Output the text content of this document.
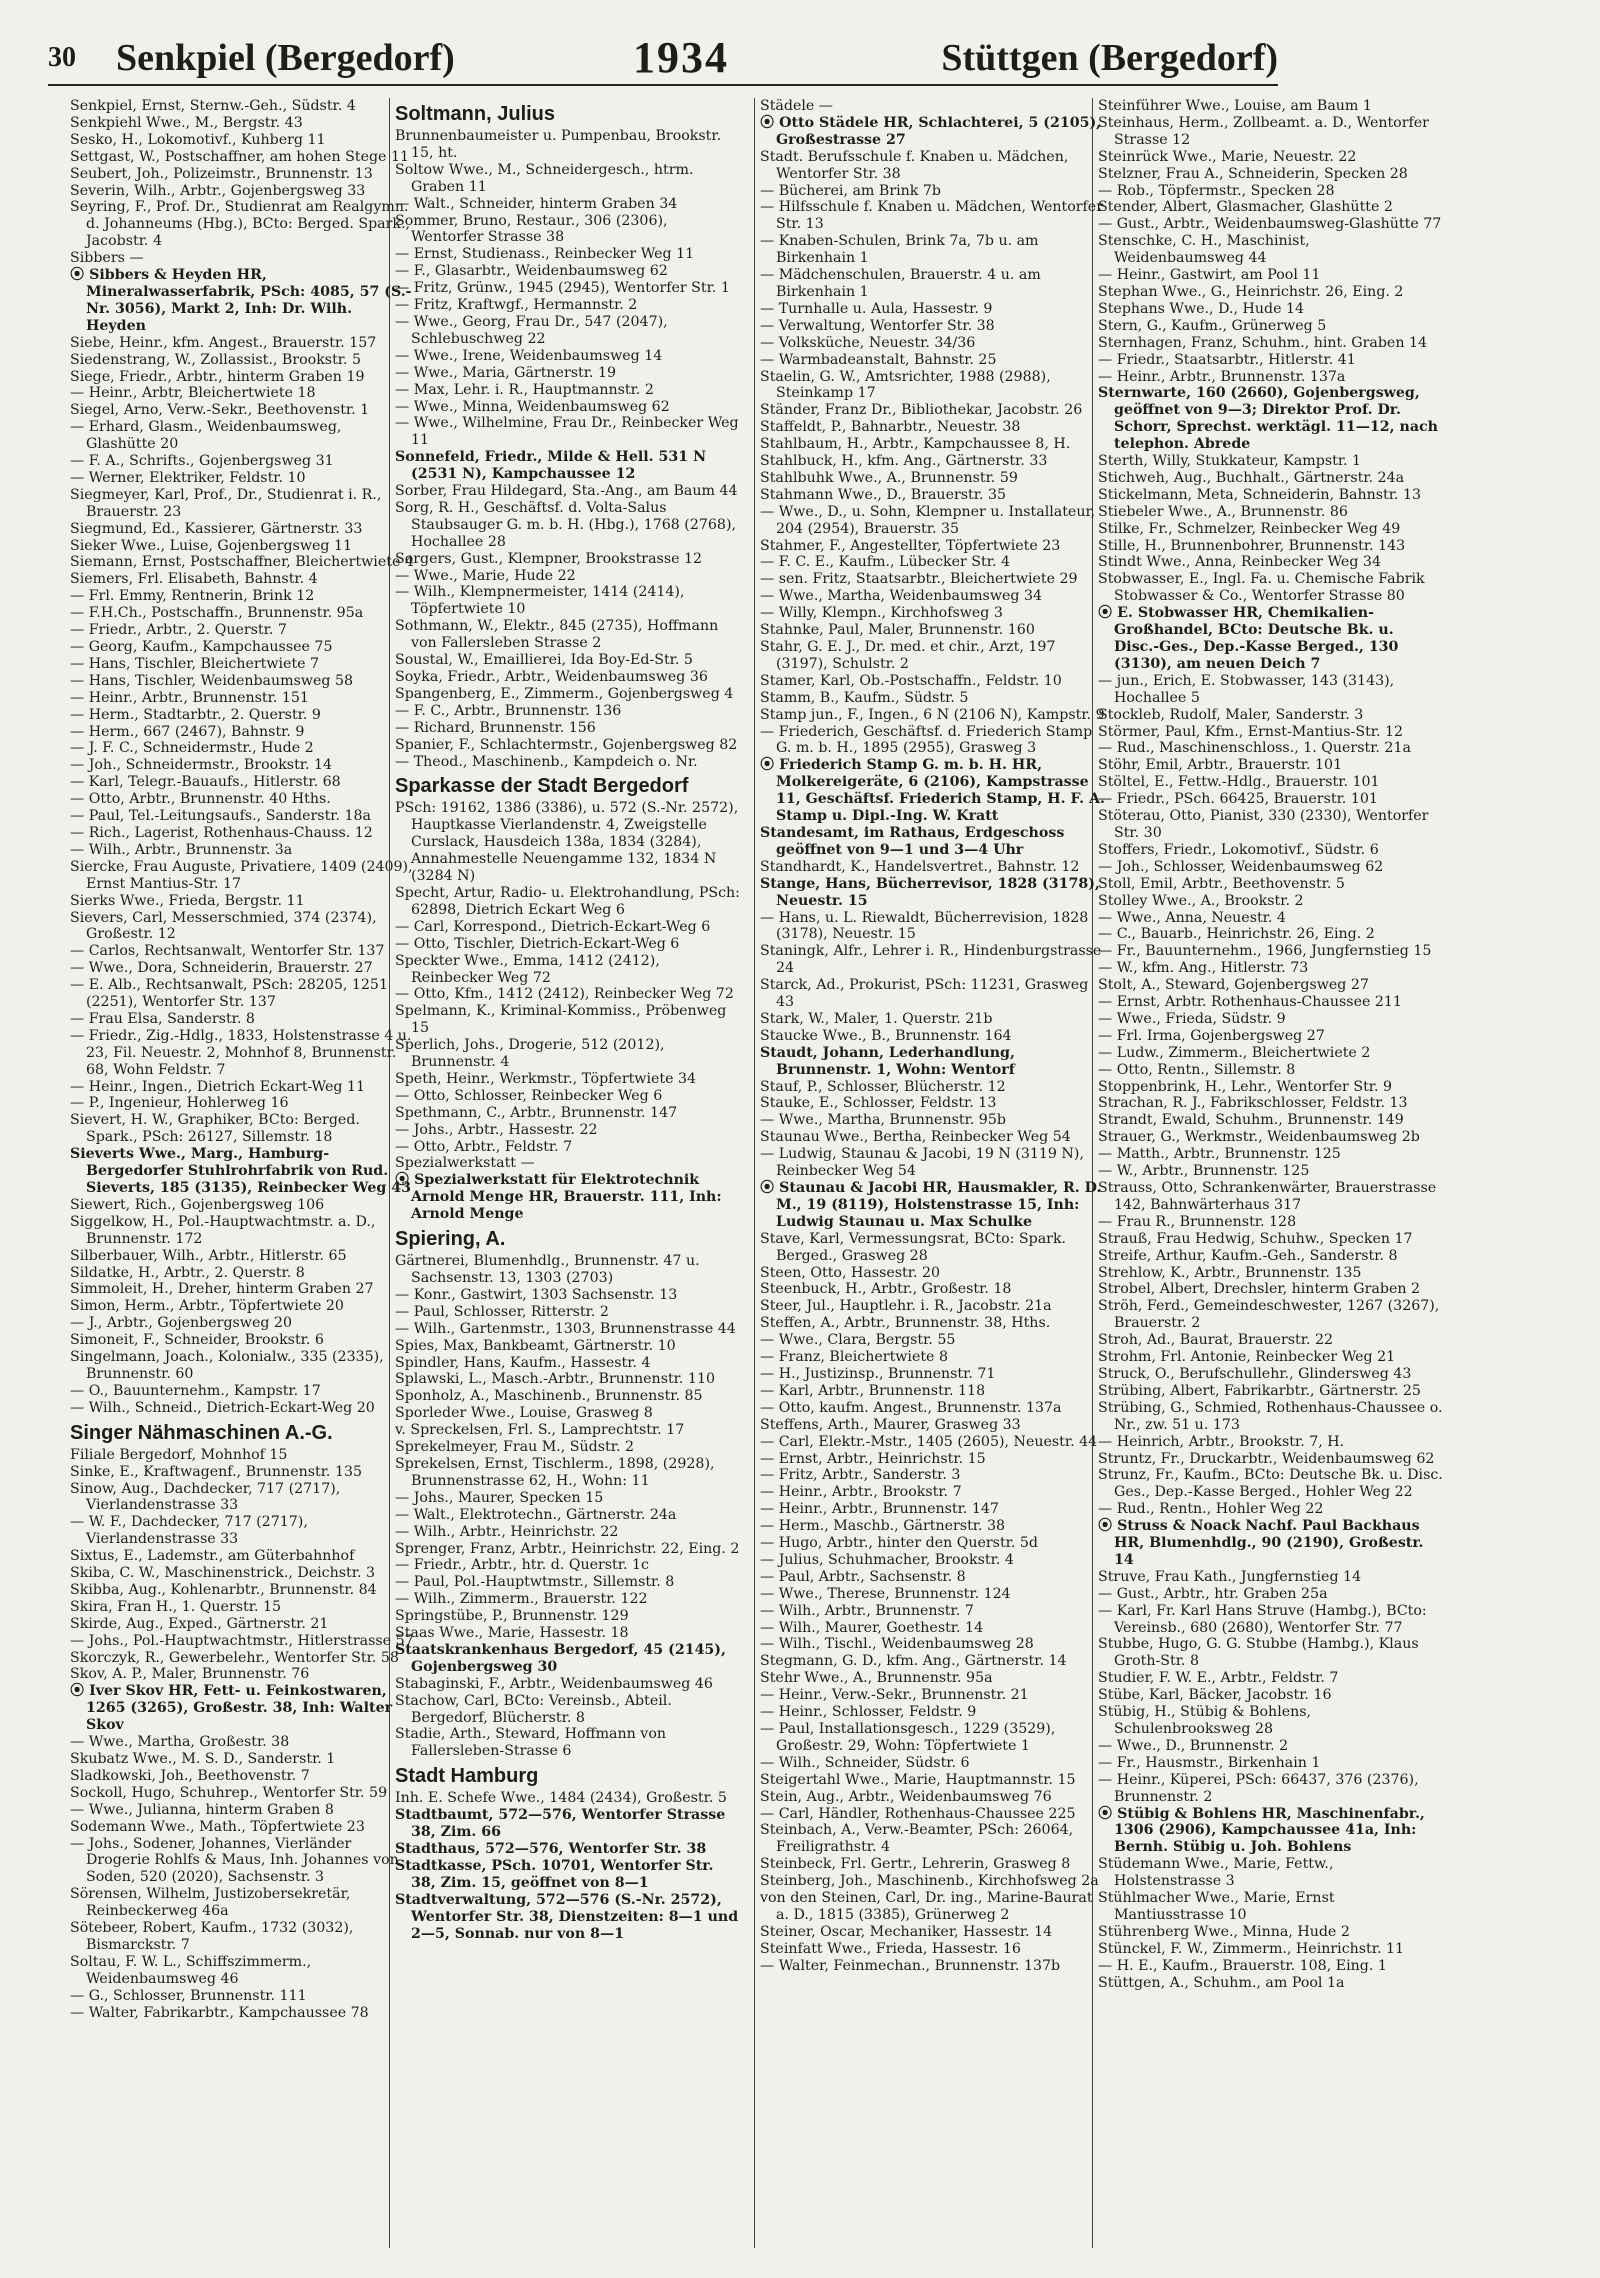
30 Senkpiel (Bergedorf)	1934	Stüttgen (Bergedorf)

Senkpiel, Ernst, Sternw.-Geh., Südstr. 4

Senkpiehl Wwe., M., Bergstr. 43

Sesko, H., Lokomotivf., Kuhberg 11

Settgast, W., Postschaffner, am hohen Stege 11

Seubert, Joh., Polizeimstr., Brunnenstr. 13

Severin, Wilh., Arbtr., Gojenbergsweg 33

Seyring, F., Prof. Dr., Studienrat am Realgymn. d. Johanneums (Hbg.), BCto: Berged. Spark., Jacobstr. 4

Sibbers —

⦿ Sibbers & Heyden HR, Mineralwasserfabrik, PSch: 4085, 57 (S.-Nr. 3056), Markt 2, Inh: Dr. Wilh. Heyden

Siebe, Heinr., kfm. Angest., Brauerstr. 157

Siedenstrang, W., Zollassist., Brookstr. 5

Siege, Friedr., Arbtr., hinterm Graben 19

— Heinr., Arbtr, Bleichertwiete 18

Siegel, Arno, Verw.-Sekr., Beethovenstr. 1

— Erhard, Glasm., Weidenbaumsweg, Glashütte 20

— F. A., Schrifts., Gojenbergsweg 31

— Werner, Elektriker, Feldstr. 10

Siegmeyer, Karl, Prof., Dr., Studienrat i. R., Brauerstr. 23

Siegmund, Ed., Kassierer, Gärtnerstr. 33

Sieker Wwe., Luise, Gojenbergsweg 11

Siemann, Ernst, Postschaffner, Bleichertwiete 4

Siemers, Frl. Elisabeth, Bahnstr. 4

— Frl. Emmy, Rentnerin, Brink 12

— F.H.Ch., Postschaffn., Brunnenstr. 95a

— Friedr., Arbtr., 2. Querstr. 7

— Georg, Kaufm., Kampchaussee 75

— Hans, Tischler, Bleichertwiete 7

— Hans, Tischler, Weidenbaumsweg 58

— Heinr., Arbtr., Brunnenstr. 151

— Herm., Stadtarbtr., 2. Querstr. 9

— Herm., 667 (2467), Bahnstr. 9

— J. F. C., Schneidermstr., Hude 2

— Joh., Schneidermstr., Brookstr. 14

— Karl, Telegr.-Bauaufs., Hitlerstr. 68

— Otto, Arbtr., Brunnenstr. 40 Hths.

— Paul, Tel.-Leitungsaufs., Sanderstr. 18a

— Rich., Lagerist, Rothenhaus-Chauss. 12

— Wilh., Arbtr., Brunnenstr. 3a

Siercke, Frau Auguste, Privatiere, 1409 (2409), Ernst Mantius-Str. 17

Sierks Wwe., Frieda, Bergstr. 11

Sievers, Carl, Messerschmied, 374 (2374), Großestr. 12

— Carlos, Rechtsanwalt, Wentorfer Str. 137

— Wwe., Dora, Schneiderin, Brauerstr. 27

— E. Alb., Rechtsanwalt, PSch: 28205, 1251 (2251), Wentorfer Str. 137

— Frau Elsa, Sanderstr. 8

— Friedr., Zig.-Hdlg., 1833, Holstenstrasse 4 u. 23, Fil. Neuestr. 2, Mohnhof 8, Brunnenstr. 68, Wohn Feldstr. 7

— Heinr., Ingen., Dietrich Eckart-Weg 11

— P., Ingenieur, Hohlerweg 16

Sievert, H. W., Graphiker, BCto: Berged. Spark., PSch: 26127, Sillemstr. 18

Sieverts Wwe., Marg., Hamburg-Bergedorfer Stuhlrohrfabrik von Rud. Sieverts, 185 (3135), Reinbecker Weg 43

Siewert, Rich., Gojenbergsweg 106

Siggelkow, H., Pol.-Hauptwachtmstr. a. D., Brunnenstr. 172

Silberbauer, Wilh., Arbtr., Hitlerstr. 65

Sildatke, H., Arbtr., 2. Querstr. 8

Simmoleit, H., Dreher, hinterm Graben 27

Simon, Herm., Arbtr., Töpfertwiete 20

— J., Arbtr., Gojenbergsweg 20

Simoneit, F., Schneider, Brookstr. 6

Singelmann, Joach., Kolonialw., 335 (2335), Brunnenstr. 60

— O., Bauunternehm., Kampstr. 17

— Wilh., Schneid., Dietrich-Eckart-Weg 20

Singer Nähmaschinen A.-G.

Filiale Bergedorf, Mohnhof 15

Sinke, E., Kraftwagenf., Brunnenstr. 135

Sinow, Aug., Dachdecker, 717 (2717), Vierlandenstrasse 33

— W. F., Dachdecker, 717 (2717), Vierlandenstrasse 33

Sixtus, E., Lademstr., am Güterbahnhof

Skiba, C. W., Maschinenstrick., Deichstr. 3

Skibba, Aug., Kohlenarbtr., Brunnenstr. 84

Skira, Fran H., 1. Querstr. 15

Skirde, Aug., Exped., Gärtnerstr. 21

— Johs., Pol.-Hauptwachtmstr., Hitlerstrasse 57

Skorczyk, R., Gewerbelehr., Wentorfer Str. 58

Skov, A. P., Maler, Brunnenstr. 76

⦿ Iver Skov HR, Fett- u. Feinkostwaren, 1265 (3265), Großestr. 38, Inh: Walter Skov

— Wwe., Martha, Großestr. 38

Skubatz Wwe., M. S. D., Sanderstr. 1

Sladkowski, Joh., Beethovenstr. 7

Sockoll, Hugo, Schuhrep., Wentorfer Str. 59

— Wwe., Julianna, hinterm Graben 8

Sodemann Wwe., Math., Töpfertwiete 23

— Johs., Sodener, Johannes, Vierländer Drogerie Rohlfs & Maus, Inh. Johannes von Soden, 520 (2020), Sachsenstr. 3

Sörensen, Wilhelm, Justizobersekretär, Reinbeckerweg 46a

Sötebeer, Robert, Kaufm., 1732 (3032), Bismarckstr. 7

Soltau, F. W. L., Schiffszimmerm., Weidenbaumsweg 46

— G., Schlosser, Brunnenstr. 111

— Walter, Fabrikarbtr., Kampchaussee 78

Soltmann, Julius

Brunnenbaumeister u. Pumpenbau, Brookstr. 15, ht.

Soltow Wwe., M., Schneidergesch., htrm. Graben 11

— Walt., Schneider, hinterm Graben 34

Sommer, Bruno, Restaur., 306 (2306), Wentorfer Strasse 38

— Ernst, Studienass., Reinbecker Weg 11

— F., Glasarbtr., Weidenbaumsweg 62

— Fritz, Grünw., 1945 (2945), Wentorfer Str. 1

— Fritz, Kraftwgf., Hermannstr. 2

— Wwe., Georg, Frau Dr., 547 (2047), Schlebuschweg 22

— Wwe., Irene, Weidenbaumsweg 14

— Wwe., Maria, Gärtnerstr. 19

— Max, Lehr. i. R., Hauptmannstr. 2

— Wwe., Minna, Weidenbaumsweg 62

— Wwe., Wilhelmine, Frau Dr., Reinbecker Weg 11

Sonnefeld, Friedr., Milde & Hell. 531 N (2531 N), Kampchaussee 12

Sorber, Frau Hildegard, Sta.-Ang., am Baum 44

Sorg, R. H., Geschäftsf. d. Volta-Salus Staubsauger G. m. b. H. (Hbg.), 1768 (2768), Hochallee 28

Sorgers, Gust., Klempner, Brookstrasse 12

— Wwe., Marie, Hude 22

— Wilh., Klempnermeister, 1414 (2414), Töpfertwiete 10

Sothmann, W., Elektr., 845 (2735), Hoffmann von Fallersleben Strasse 2

Soustal, W., Emaillierei, Ida Boy-Ed-Str. 5

Soyka, Friedr., Arbtr., Weidenbaumsweg 36

Spangenberg, E., Zimmerm., Gojenbergsweg 4

— F. C., Arbtr., Brunnenstr. 136

— Richard, Brunnenstr. 156

Spanier, F., Schlachtermstr., Gojenbergsweg 82

— Theod., Maschinenb., Kampdeich o. Nr.

Sparkasse der Stadt Bergedorf

PSch: 19162, 1386 (3386), u. 572 (S.-Nr. 2572), Hauptkasse Vierlandenstr. 4, Zweigstelle Curslack, Hausdeich 138a, 1834 (3284), Annahmestelle Neuengamme 132, 1834 N (3284 N)

Specht, Artur, Radio- u. Elektrohandlung, PSch: 62898, Dietrich Eckart Weg 6

— Carl, Korrespond., Dietrich-Eckart-Weg 6

— Otto, Tischler, Dietrich-Eckart-Weg 6

Speckter Wwe., Emma, 1412 (2412), Reinbecker Weg 72

— Otto, Kfm., 1412 (2412), Reinbecker Weg 72

Spelmann, K., Kriminal-Kommiss., Pröbenweg 15

Sperlich, Johs., Drogerie, 512 (2012), Brunnenstr. 4

Speth, Heinr., Werkmstr., Töpfertwiete 34

— Otto, Schlosser, Reinbecker Weg 6

Spethmann, C., Arbtr., Brunnenstr. 147

— Johs., Arbtr., Hassestr. 22

— Otto, Arbtr., Feldstr. 7

Spezialwerkstatt —

⦿ Spezialwerkstatt für Elektrotechnik Arnold Menge HR, Brauerstr. 111, Inh: Arnold Menge

Spiering, A.

Gärtnerei, Blumenhdlg., Brunnenstr. 47 u. Sachsenstr. 13, 1303 (2703)

— Konr., Gastwirt, 1303 Sachsenstr. 13

— Paul, Schlosser, Ritterstr. 2

— Wilh., Gartenmstr., 1303, Brunnenstrasse 44

Spies, Max, Bankbeamt, Gärtnerstr. 10

Spindler, Hans, Kaufm., Hassestr. 4

Splawski, L., Masch.-Arbtr., Brunnenstr. 110

Sponholz, A., Maschinenb., Brunnenstr. 85

Sporleder Wwe., Louise, Grasweg 8

v. Spreckelsen, Frl. S., Lamprechtstr. 17

Sprekelmeyer, Frau M., Südstr. 2

Sprekelsen, Ernst, Tischlerm., 1898, (2928), Brunnenstrasse 62, H., Wohn: 11

— Johs., Maurer, Specken 15

— Walt., Elektrotechn., Gärtnerstr. 24a

— Wilh., Arbtr., Heinrichstr. 22

Sprenger, Franz, Arbtr., Heinrichstr. 22, Eing. 2

— Friedr., Arbtr., htr. d. Querstr. 1c

— Paul, Pol.-Hauptwtmstr., Sillemstr. 8

— Wilh., Zimmerm., Brauerstr. 122

Springstübe, P., Brunnenstr. 129

Staas Wwe., Marie, Hassestr. 18

Staatskrankenhaus Bergedorf, 45 (2145), Gojenbergsweg 30

Stabaginski, F., Arbtr., Weidenbaumsweg 46

Stachow, Carl, BCto: Vereinsb., Abteil. Bergedorf, Blücherstr. 8

Stadie, Arth., Steward, Hoffmann von Fallersleben-Strasse 6

Stadt Hamburg

Inh. E. Schefe Wwe., 1484 (2434), Großestr. 5

Stadtbaumt, 572—576, Wentorfer Strasse 38, Zim. 66

Stadthaus, 572—576, Wentorfer Str. 38

Stadtkasse, PSch. 10701, Wentorfer Str. 38, Zim. 15, geöffnet von 8—1

Stadtverwaltung, 572—576 (S.-Nr. 2572), Wentorfer Str. 38, Dienstzeiten: 8—1 und 2—5, Sonnab. nur von 8—1

Städele —

⦿ Otto Städele HR, Schlachterei, 5 (2105), Großestrasse 27

Stadt. Berufsschule f. Knaben u. Mädchen, Wentorfer Str. 38

— Bücherei, am Brink 7b

— Hilfsschule f. Knaben u. Mädchen, Wentorfer Str. 13

— Knaben-Schulen, Brink 7a, 7b u. am Birkenhain 1

— Mädchenschulen, Brauerstr. 4 u. am Birkenhain 1

— Turnhalle u. Aula, Hassestr. 9

— Verwaltung, Wentorfer Str. 38

— Volksküche, Neuestr. 34/36

— Warmbadeanstalt, Bahnstr. 25

Staelin, G. W., Amtsrichter, 1988 (2988), Steinkamp 17

Ständer, Franz Dr., Bibliothekar, Jacobstr. 26

Staffeldt, P., Bahnarbtr., Neuestr. 38

Stahlbaum, H., Arbtr., Kampchaussee 8, H.

Stahlbuck, H., kfm. Ang., Gärtnerstr. 33

Stahlbuhk Wwe., A., Brunnenstr. 59

Stahmann Wwe., D., Brauerstr. 35

— Wwe., D., u. Sohn, Klempner u. Installateur, 204 (2954), Brauerstr. 35

Stahmer, F., Angestellter, Töpfertwiete 23

— F. C. E., Kaufm., Lübecker Str. 4

— sen. Fritz, Staatsarbtr., Bleichertwiete 29

— Wwe., Martha, Weidenbaumsweg 34

— Willy, Klempn., Kirchhofsweg 3

Stahnke, Paul, Maler, Brunnenstr. 160

Stahr, G. E. J., Dr. med. et chir., Arzt, 197 (3197), Schulstr. 2

Stamer, Karl, Ob.-Postschaffn., Feldstr. 10

Stamm, B., Kaufm., Südstr. 5

Stamp jun., F., Ingen., 6 N (2106 N), Kampstr. 9

— Friederich, Geschäftsf. d. Friederich Stamp G. m. b. H., 1895 (2955), Grasweg 3

⦿ Friederich Stamp G. m. b. H. HR, Molkereigeräte, 6 (2106), Kampstrasse 11, Geschäftsf. Friederich Stamp, H. F. A. Stamp u. Dipl.-Ing. W. Kratt

Standesamt, im Rathaus, Erdgeschoss geöffnet von 9—1 und 3—4 Uhr

Standhardt, K., Handelsvertret., Bahnstr. 12

Stange, Hans, Bücherrevisor, 1828 (3178), Neuestr. 15

— Hans, u. L. Riewaldt, Bücherrevision, 1828 (3178), Neuestr. 15

Staningk, Alfr., Lehrer i. R., Hindenburgstrasse 24

Starck, Ad., Prokurist, PSch: 11231, Grasweg 43

Stark, W., Maler, 1. Querstr. 21b

Staucke Wwe., B., Brunnenstr. 164

Staudt, Johann, Lederhandlung, Brunnenstr. 1, Wohn: Wentorf

Stauf, P., Schlosser, Blücherstr. 12

Stauke, E., Schlosser, Feldstr. 13

— Wwe., Martha, Brunnenstr. 95b

Staunau Wwe., Bertha, Reinbecker Weg 54

— Ludwig, Staunau & Jacobi, 19 N (3119 N), Reinbecker Weg 54

⦿ Staunau & Jacobi HR, Hausmakler, R. D. M., 19 (8119), Holstenstrasse 15, Inh: Ludwig Staunau u. Max Schulke

Stave, Karl, Vermessungsrat, BCto: Spark. Berged., Grasweg 28

Steen, Otto, Hassestr. 20

Steenbuck, H., Arbtr., Großestr. 18

Steer, Jul., Hauptlehr. i. R., Jacobstr. 21a

Steffen, A., Arbtr., Brunnenstr. 38, Hths.

— Wwe., Clara, Bergstr. 55

— Franz, Bleichertwiete 8

— H., Justizinsp., Brunnenstr. 71

— Karl, Arbtr., Brunnenstr. 118

— Otto, kaufm. Angest., Brunnenstr. 137a

Steffens, Arth., Maurer, Grasweg 33

— Carl, Elektr.-Mstr., 1405 (2605), Neuestr. 44

— Ernst, Arbtr., Heinrichstr. 15

— Fritz, Arbtr., Sanderstr. 3

— Heinr., Arbtr., Brookstr. 7

— Heinr., Arbtr., Brunnenstr. 147

— Herm., Maschb., Gärtnerstr. 38

— Hugo, Arbtr., hinter den Querstr. 5d

— Julius, Schuhmacher, Brookstr. 4

— Paul, Arbtr., Sachsenstr. 8

— Wwe., Therese, Brunnenstr. 124

— Wilh., Arbtr., Brunnenstr. 7

— Wilh., Maurer, Goethestr. 14

— Wilh., Tischl., Weidenbaumsweg 28

Stegmann, G. D., kfm. Ang., Gärtnerstr. 14

Stehr Wwe., A., Brunnenstr. 95a

— Heinr., Verw.-Sekr., Brunnenstr. 21

— Heinr., Schlosser, Feldstr. 9

— Paul, Installationsgesch., 1229 (3529), Großestr. 29, Wohn: Töpfertwiete 1

— Wilh., Schneider, Südstr. 6

Steigertahl Wwe., Marie, Hauptmannstr. 15

Stein, Aug., Arbtr., Weidenbaumsweg 76

— Carl, Händler, Rothenhaus-Chaussee 225

Steinbach, A., Verw.-Beamter, PSch: 26064, Freiligrathstr. 4

Steinbeck, Frl. Gertr., Lehrerin, Grasweg 8

Steinberg, Joh., Maschinenb., Kirchhofsweg 2a

von den Steinen, Carl, Dr. ing., Marine-Baurat a. D., 1815 (3385), Grünerweg 2

Steiner, Oscar, Mechaniker, Hassestr. 14

Steinfatt Wwe., Frieda, Hassestr. 16

— Walter, Feinmechan., Brunnenstr. 137b

Steinführer Wwe., Louise, am Baum 1

Steinhaus, Herm., Zollbeamt. a. D., Wentorfer Strasse 12

Steinrück Wwe., Marie, Neuestr. 22

Stelzner, Frau A., Schneiderin, Specken 28

— Rob., Töpfermstr., Specken 28

Stender, Albert, Glasmacher, Glashütte 2

— Gust., Arbtr., Weidenbaumsweg-Glashütte 77

Stenschke, C. H., Maschinist, Weidenbaumsweg 44

— Heinr., Gastwirt, am Pool 11

Stephan Wwe., G., Heinrichstr. 26, Eing. 2

Stephans Wwe., D., Hude 14

Stern, G., Kaufm., Grünerweg 5

Sternhagen, Franz, Schuhm., hint. Graben 14

— Friedr., Staatsarbtr., Hitlerstr. 41

— Heinr., Arbtr., Brunnenstr. 137a

Sternwarte, 160 (2660), Gojenbergsweg, geöffnet von 9—3; Direktor Prof. Dr. Schorr, Sprechst. werktägl. 11—12, nach telephon. Abrede

Sterth, Willy, Stukkateur, Kampstr. 1

Stichweh, Aug., Buchhalt., Gärtnerstr. 24a

Stickelmann, Meta, Schneiderin, Bahnstr. 13

Stiebeler Wwe., A., Brunnenstr. 86

Stilke, Fr., Schmelzer, Reinbecker Weg 49

Stille, H., Brunnenbohrer, Brunnenstr. 143

Stindt Wwe., Anna, Reinbecker Weg 34

Stobwasser, E., Ingl. Fa. u. Chemische Fabrik Stobwasser & Co., Wentorfer Strasse 80

⦿ E. Stobwasser HR, Chemikalien-Großhandel, BCto: Deutsche Bk. u. Disc.-Ges., Dep.-Kasse Berged., 130 (3130), am neuen Deich 7

— jun., Erich, E. Stobwasser, 143 (3143), Hochallee 5

Stockleb, Rudolf, Maler, Sanderstr. 3

Störmer, Paul, Kfm., Ernst-Mantius-Str. 12

— Rud., Maschinenschloss., 1. Querstr. 21a

Stöhr, Emil, Arbtr., Brauerstr. 101

Stöltel, E., Fettw.-Hdlg., Brauerstr. 101

— Friedr., PSch. 66425, Brauerstr. 101

Stöterau, Otto, Pianist, 330 (2330), Wentorfer Str. 30

Stoffers, Friedr., Lokomotivf., Südstr. 6

— Joh., Schlosser, Weidenbaumsweg 62

Stoll, Emil, Arbtr., Beethovenstr. 5

Stolley Wwe., A., Brookstr. 2

— Wwe., Anna, Neuestr. 4

— C., Bauarb., Heinrichstr. 26, Eing. 2

— Fr., Bauunternehm., 1966, Jungfernstieg 15

— W., kfm. Ang., Hitlerstr. 73

Stolt, A., Steward, Gojenbergsweg 27

— Ernst, Arbtr. Rothenhaus-Chaussee 211

— Wwe., Frieda, Südstr. 9

— Frl. Irma, Gojenbergsweg 27

— Ludw., Zimmerm., Bleichertwiete 2

— Otto, Rentn., Sillemstr. 8

Stoppenbrink, H., Lehr., Wentorfer Str. 9

Strachan, R. J., Fabrikschlosser, Feldstr. 13

Strandt, Ewald, Schuhm., Brunnenstr. 149

Strauer, G., Werkmstr., Weidenbaumsweg 2b

— Matth., Arbtr., Brunnenstr. 125

— W., Arbtr., Brunnenstr. 125

Strauss, Otto, Schrankenwärter, Brauerstrasse 142, Bahnwärterhaus 317

— Frau R., Brunnenstr. 128

Strauß, Frau Hedwig, Schuhw., Specken 17

Streife, Arthur, Kaufm.-Geh., Sanderstr. 8

Strehlow, K., Arbtr., Brunnenstr. 135

Strobel, Albert, Drechsler, hinterm Graben 2

Ströh, Ferd., Gemeindeschwester, 1267 (3267), Brauerstr. 2

Stroh, Ad., Baurat, Brauerstr. 22

Strohm, Frl. Antonie, Reinbecker Weg 21

Struck, O., Berufschullehr., Glindersweg 43

Strübing, Albert, Fabrikarbtr., Gärtnerstr. 25

Strübing, G., Schmied, Rothenhaus-Chaussee o. Nr., zw. 51 u. 173

— Heinrich, Arbtr., Brookstr. 7, H.

Struntz, Fr., Druckarbtr., Weidenbaumsweg 62

Strunz, Fr., Kaufm., BCto: Deutsche Bk. u. Disc. Ges., Dep.-Kasse Berged., Hohler Weg 22

— Rud., Rentn., Hohler Weg 22

⦿ Struss & Noack Nachf. Paul Backhaus HR, Blumenhdlg., 90 (2190), Großestr. 14

Struve, Frau Kath., Jungfernstieg 14

— Gust., Arbtr., htr. Graben 25a

— Karl, Fr. Karl Hans Struve (Hambg.), BCto: Vereinsb., 680 (2680), Wentorfer Str. 77

Stubbe, Hugo, G. G. Stubbe (Hambg.), Klaus Groth-Str. 8

Studier, F. W. E., Arbtr., Feldstr. 7

Stübe, Karl, Bäcker, Jacobstr. 16

Stübig, H., Stübig & Bohlens, Schulenbrooksweg 28

— Wwe., D., Brunnenstr. 2

— Fr., Hausmstr., Birkenhain 1

— Heinr., Küperei, PSch: 66437, 376 (2376), Brunnenstr. 2

⦿ Stübig & Bohlens HR, Maschinenfabr., 1306 (2906), Kampchaussee 41a, Inh: Bernh. Stübig u. Joh. Bohlens

Stüdemann Wwe., Marie, Fettw., Holstenstrasse 3

Stühlmacher Wwe., Marie, Ernst Mantiusstrasse 10

Stührenberg Wwe., Minna, Hude 2

Stünckel, F. W., Zimmerm., Heinrichstr. 11

— H. E., Kaufm., Brauerstr. 108, Eing. 1

Stüttgen, A., Schuhm., am Pool 1a
